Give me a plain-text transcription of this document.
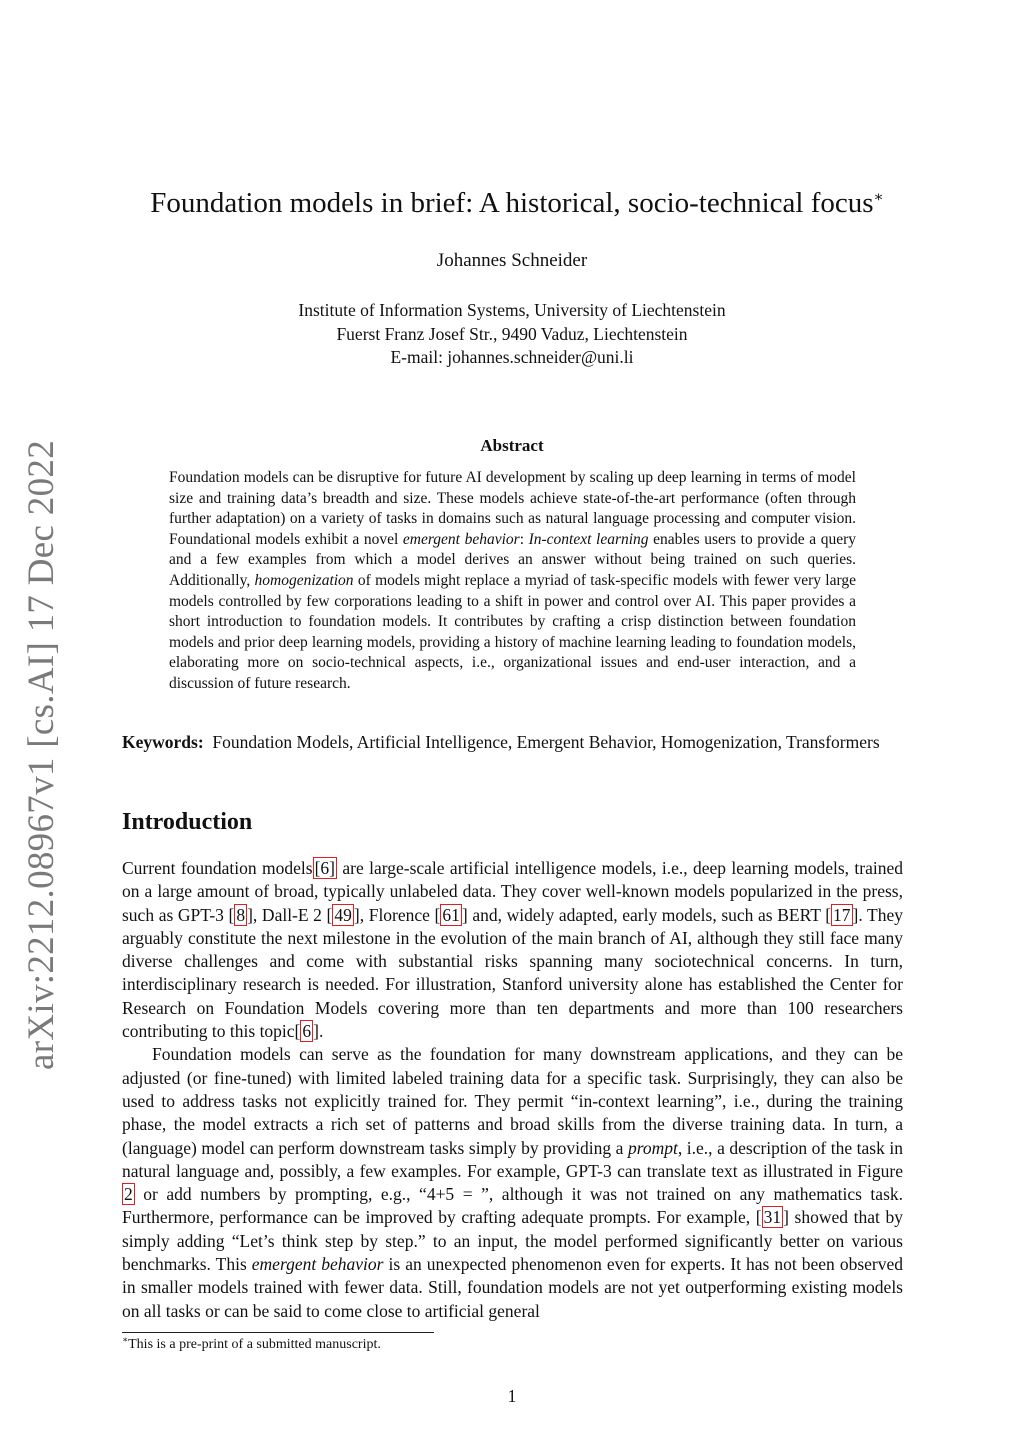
arXiv:2212.08967v1 [cs.AI] 17 Dec 2022
Foundation models in brief: A historical, socio-technical focus∗
Johannes Schneider
Institute of Information Systems, University of Liechtenstein
Fuerst Franz Josef Str., 9490 Vaduz, Liechtenstein
E-mail: johannes.schneider@uni.li
Abstract
Foundation models can be disruptive for future AI development by scaling up deep learning in terms of model size and training data’s breadth and size. These models achieve state-of-the-art performance (often through further adaptation) on a variety of tasks in domains such as natural language processing and computer vision. Foundational models exhibit a novel emergent behavior: In-context learning enables users to provide a query and a few examples from which a model derives an answer without being trained on such queries. Additionally, homogenization of models might replace a myriad of task-specific models with fewer very large models controlled by few corporations leading to a shift in power and control over AI. This paper provides a short introduction to foundation models. It contributes by crafting a crisp distinction between foundation models and prior deep learning models, providing a history of machine learning leading to foundation models, elaborating more on socio-technical aspects, i.e., organizational issues and end-user interaction, and a discussion of future research.
Keywords: Foundation Models, Artificial Intelligence, Emergent Behavior, Homogenization, Transformers
Introduction

Current foundation models [6] are large-scale artificial intelligence models, i.e., deep learning models, trained on a large amount of broad, typically unlabeled data. They cover well-known models popularized in the press, such as GPT-3 [ 8 ], Dall-E 2 [ 49 ], Florence [ 61 ] and, widely adapted, early models, such as BERT [ 17 ]. They arguably constitute the next milestone in the evolution of the main branch of AI, although they still face many diverse challenges and come with substantial risks spanning many sociotechnical concerns. In turn, interdisciplinary research is needed. For illustration, Stanford university alone has established the Center for Research on Foundation Models covering more than ten departments and more than 100 researchers contributing to this topic[ 6 ].

Foundation models can serve as the foundation for many downstream applications, and they can be adjusted (or fine-tuned) with limited labeled training data for a specific task. Surprisingly, they can also be used to address tasks not explicitly trained for. They permit “in-context learning”, i.e., during the training phase, the model extracts a rich set of patterns and broad skills from the diverse training data. In turn, a (language) model can perform downstream tasks simply by providing a prompt, i.e., a description of the task in natural language and, possibly, a few examples. For example, GPT-3 can translate text as illustrated in Figure 2 or add numbers by prompting, e.g., “4+5 = ”, although it was not trained on any mathematics task. Furthermore, performance can be improved by crafting adequate prompts. For example, [ 31 ] showed that by simply adding “Let’s think step by step.” to an input, the model performed significantly better on various benchmarks. This emergent behavior is an unexpected phenomenon even for experts. It has not been observed in smaller models trained with fewer data. Still, foundation models are not yet outperforming existing models on all tasks or can be said to come close to artificial general

∗This is a pre-print of a submitted manuscript.
1
